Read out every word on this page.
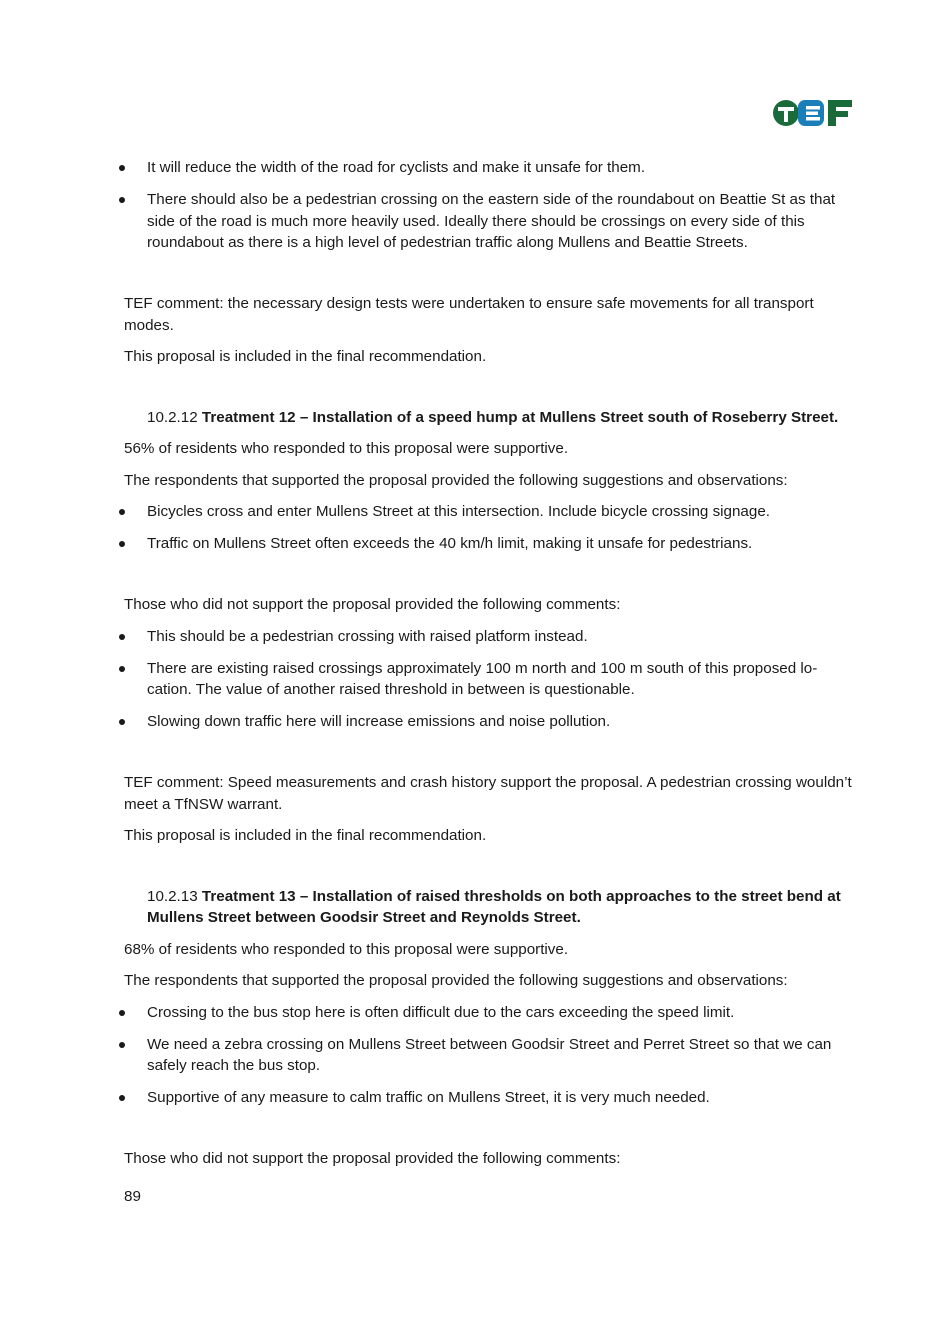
It will reduce the width of the road for cyclists and make it unsafe for them.
There should also be a pedestrian crossing on the eastern side of the roundabout on Beattie St as that side of the road is much more heavily used. Ideally there should be crossings on every side of this roundabout as there is a high level of pedestrian traffic along Mullens and Beattie Streets.

TEF comment: the necessary design tests were undertaken to ensure safe movements for all transport modes.

This proposal is included in the final recommendation.

10.2.12 Treatment 12 – Installation of a speed hump at Mullens Street south of Roseberry Street.

56% of residents who responded to this proposal were supportive.

The respondents that supported the proposal provided the following suggestions and observations:

Bicycles cross and enter Mullens Street at this intersection. Include bicycle crossing signage.
Traffic on Mullens Street often exceeds the 40 km/h limit, making it unsafe for pedestrians.

Those who did not support the proposal provided the following comments:

This should be a pedestrian crossing with raised platform instead.
There are existing raised crossings approximately 100 m north and 100 m south of this proposed lo-cation. The value of another raised threshold in between is questionable.
Slowing down traffic here will increase emissions and noise pollution.

TEF comment: Speed measurements and crash history support the proposal. A pedestrian crossing wouldn’t meet a TfNSW warrant.

This proposal is included in the final recommendation.

10.2.13 Treatment 13 – Installation of raised thresholds on both approaches to the street bend at Mullens Street between Goodsir Street and Reynolds Street.

68% of residents who responded to this proposal were supportive.

The respondents that supported the proposal provided the following suggestions and observations:

Crossing to the bus stop here is often difficult due to the cars exceeding the speed limit.
We need a zebra crossing on Mullens Street between Goodsir Street and Perret Street so that we can safely reach the bus stop.
Supportive of any measure to calm traffic on Mullens Street, it is very much needed.

Those who did not support the proposal provided the following comments:

89
